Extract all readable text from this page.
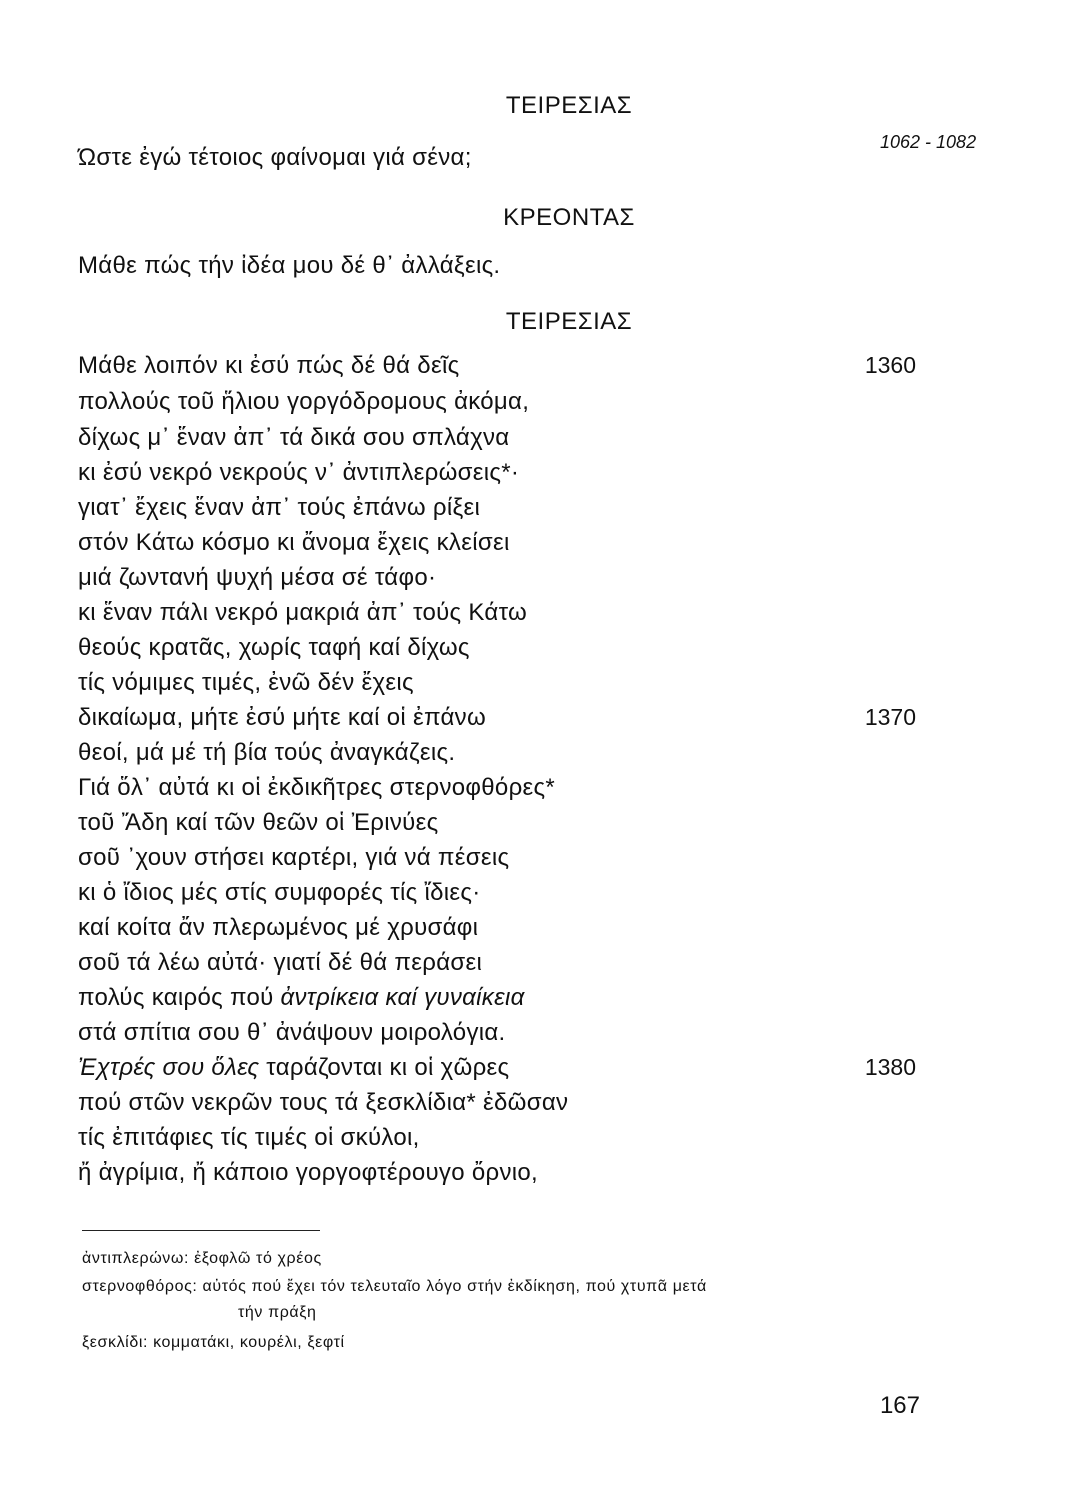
1062 - 1082
ΤΕΙΡΕΣΙΑΣ
Ώστε ἐγώ τέτοιος φαίνομαι γιά σένα;
ΚΡΕΟΝΤΑΣ
Μάθε πώς τήν ἰδέα μου δέ θ᾽ ἀλλάξεις.
ΤΕΙΡΕΣΙΑΣ
Μάθε λοιπόν κι ἐσύ πώς δέ θά δεῖς	1360
πολλούς τοῦ ἥλιου γοργόδρομους ἀκόμα,
δίχως μ᾽ ἕναν ἀπ᾽ τά δικά σου σπλάχνα
κι ἐσύ νεκρό νεκρούς ν᾽ ἀντιπλερώσεις*·
γιατ᾽ ἔχεις ἕναν ἀπ᾽ τούς ἐπάνω ρίξει
στόν Κάτω κόσμο κι ἄνομα ἔχεις κλείσει
μιά ζωντανή ψυχή μέσα σέ τάφο·
κι ἕναν πάλι νεκρό μακριά ἀπ᾽ τούς Κάτω
θεούς κρατᾶς, χωρίς ταφή καί δίχως
τίς νόμιμες τιμές, ἐνῶ δέν ἔχεις
δικαίωμα, μήτε ἐσύ μήτε καί οἱ ἐπάνω	1370
θεοί, μά μέ τή βία τούς ἀναγκάζεις.
Γιά ὅλ᾽ αὐτά κι οἱ ἐκδικῆτρες στερνοφθόρες*
τοῦ Ἄδη καί τῶν θεῶν οἱ Ἐρινύες
σοῦ ᾽χουν στήσει καρτέρι, γιά νά πέσεις
κι ὁ ἴδιος μές στίς συμφορές τίς ἴδιες·
καί κοίτα ἄν πλερωμένος μέ χρυσάφι
σοῦ τά λέω αὐτά· γιατί δέ θά περάσει
πολύς καιρός πού ἀντρίκεια καί γυναίκεια
στά σπίτια σου θ᾽ ἀνάψουν μοιρολόγια.
Ἐχτρές σου ὅλες ταράζονται κι οἱ χῶρες	1380
πού στῶν νεκρῶν τους τά ξεσκλίδια* ἐδῶσαν
τίς ἐπιτάφιες τίς τιμές οἱ σκύλοι,
ἤ ἀγρίμια, ἤ κάποιο γοργοφτέρουγο ὄρνιο,
ἀντιπλερώνω: ἐξοφλῶ τό χρέος
στερνοφθόρος: αὐτός πού ἔχει τόν τελευταῖο λόγο στήν ἐκδίκηση, πού χτυπᾶ μετά
τήν πράξη
ξεσκλίδι: κομματάκι, κουρέλι, ξεφτί
167
